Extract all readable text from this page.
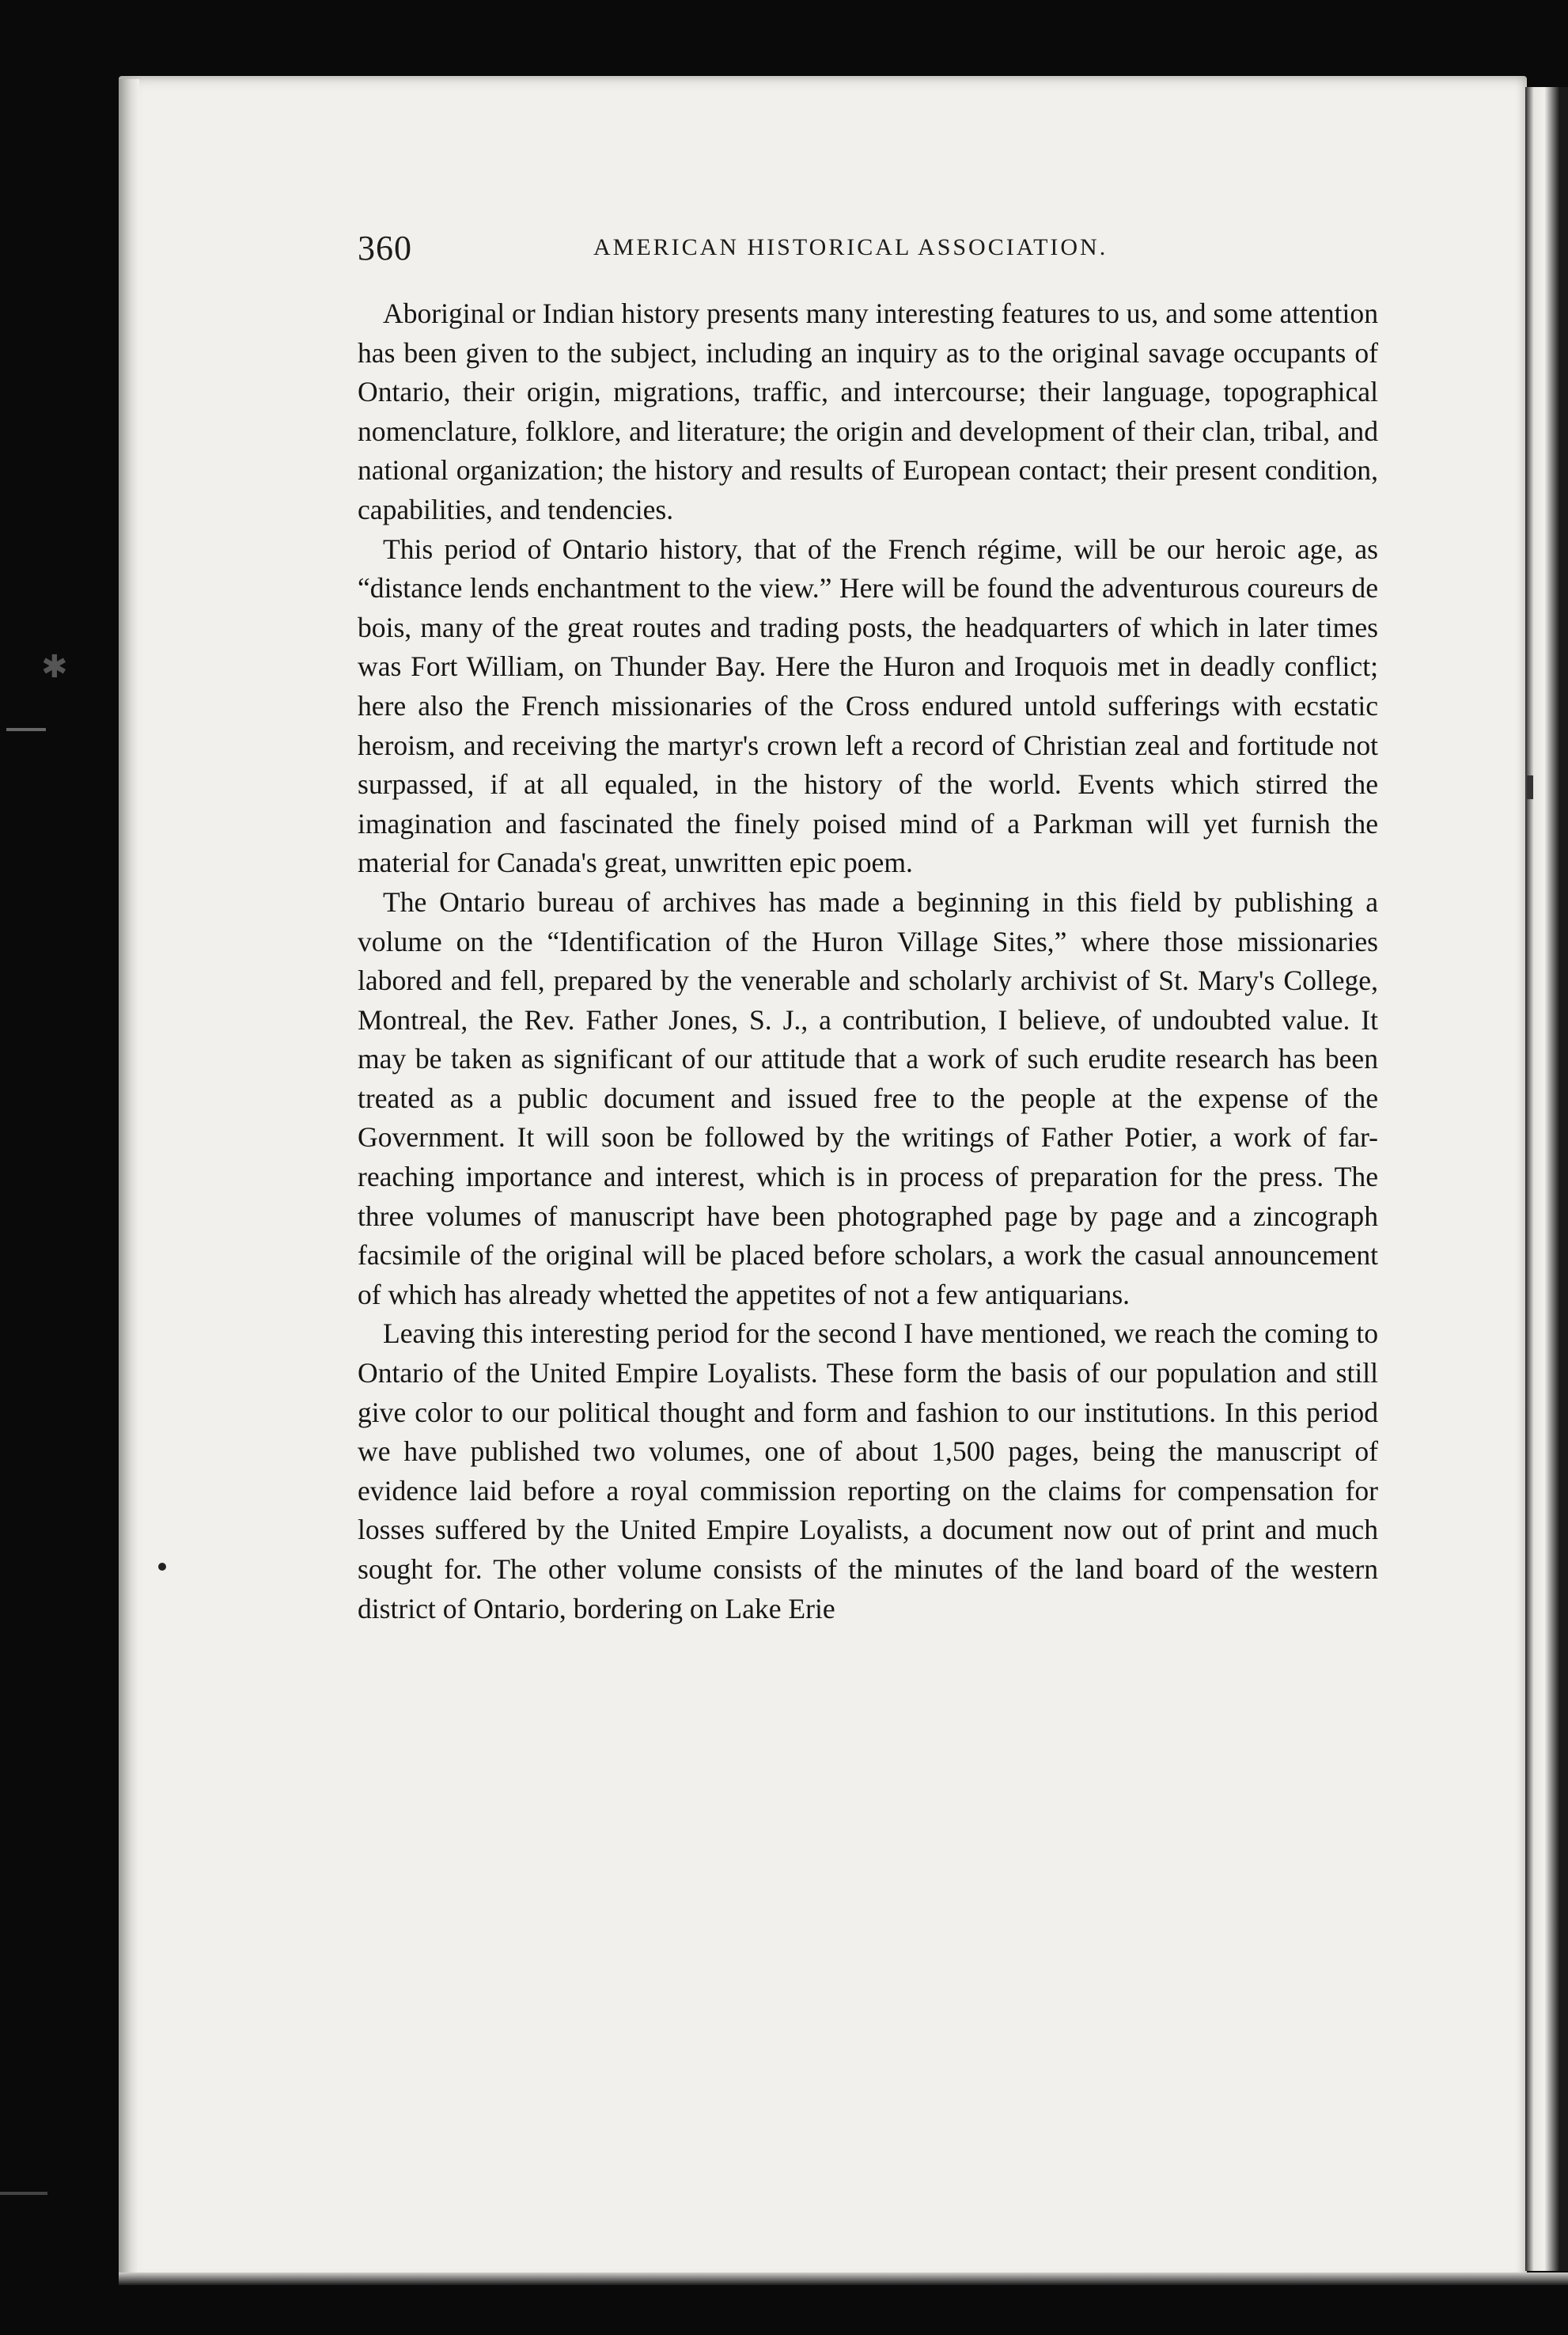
✱
360	AMERICAN HISTORICAL ASSOCIATION.

Aboriginal or Indian history presents many interesting features to us, and some attention has been given to the subject, including an inquiry as to the original savage occupants of Ontario, their origin, migrations, traffic, and intercourse; their language, topographical nomenclature, folklore, and literature; the origin and development of their clan, tribal, and national organization; the history and results of European contact; their present condition, capabilities, and tendencies.

This period of Ontario history, that of the French régime, will be our heroic age, as “distance lends enchantment to the view.” Here will be found the adventurous coureurs de bois, many of the great routes and trading posts, the headquarters of which in later times was Fort William, on Thunder Bay. Here the Huron and Iroquois met in deadly conflict; here also the French missionaries of the Cross endured untold sufferings with ecstatic heroism, and receiving the martyr's crown left a record of Christian zeal and fortitude not surpassed, if at all equaled, in the history of the world. Events which stirred the imagination and fascinated the finely poised mind of a Parkman will yet furnish the material for Canada's great, unwritten epic poem.

The Ontario bureau of archives has made a beginning in this field by publishing a volume on the “Identification of the Huron Village Sites,” where those missionaries labored and fell, prepared by the venerable and scholarly archivist of St. Mary's College, Montreal, the Rev. Father Jones, S. J., a contribution, I believe, of undoubted value. It may be taken as significant of our attitude that a work of such erudite research has been treated as a public document and issued free to the people at the expense of the Government. It will soon be followed by the writings of Father Potier, a work of far-reaching importance and interest, which is in process of preparation for the press. The three volumes of manuscript have been photographed page by page and a zincograph facsimile of the original will be placed before scholars, a work the casual announcement of which has already whetted the appetites of not a few antiquarians.

Leaving this interesting period for the second I have mentioned, we reach the coming to Ontario of the United Empire Loyalists. These form the basis of our population and still give color to our political thought and form and fashion to our institutions. In this period we have published two volumes, one of about 1,500 pages, being the manuscript of evidence laid before a royal commission reporting on the claims for compensation for losses suffered by the United Empire Loyalists, a document now out of print and much sought for. The other volume consists of the minutes of the land board of the western district of Ontario, bordering on Lake Erie
